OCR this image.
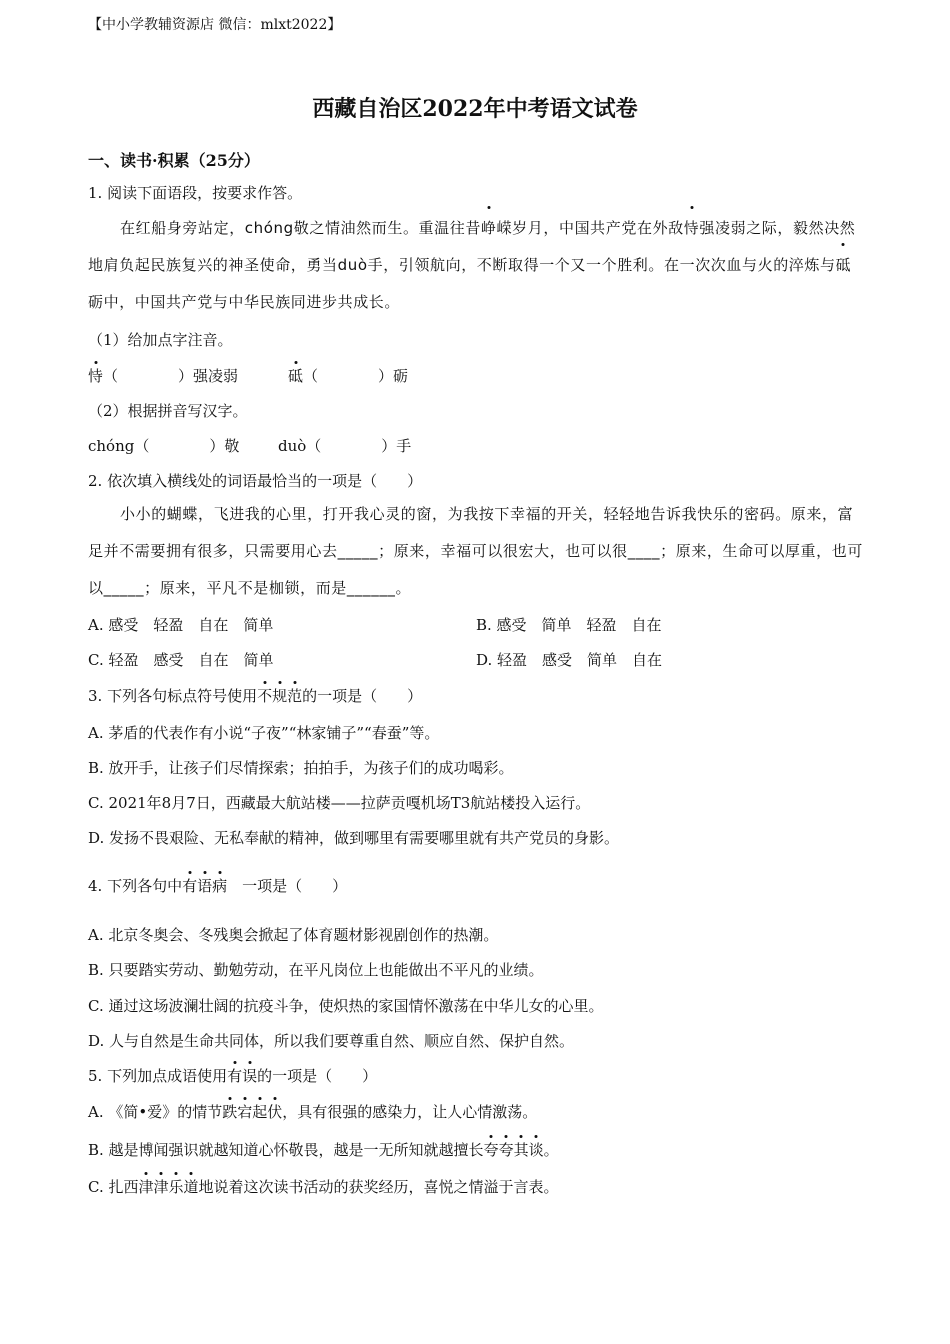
【中小学教辅资源店 微信：mlxt2022】
西藏自治区2022年中考语文试卷
一、读书·积累（25分）
1. 阅读下面语段，按要求作答。
在红船身旁站定，chóng敬之情油然而生。重温往昔峥嵘岁月，中国共产党在外敌恃强凌弱之际，毅然决然地肩负起民族复兴的神圣使命，勇当duò手，引领航向，不断取得一个又一个胜利。在一次次血与火的淬炼与砥砺中，中国共产党与中华民族同进步共成长。
（1）给加点字注音。
恃（　　　　）强凌弱	砥（　　　　）砺
（2）根据拼音写汉字。
chóng（　　　　）敬	duò（　　　　）手
2. 依次填入横线处的词语最恰当的一项是（　　）
小小的蝴蝶，飞进我的心里，打开我心灵的窗，为我按下幸福的开关，轻轻地告诉我快乐的密码。原来，富足并不需要拥有很多，只需要用心去_____；原来，幸福可以很宏大，也可以很____；原来，生命可以厚重，也可以_____；原来，平凡不是枷锁，而是______。
A. 感受　轻盈　自在　简单	B. 感受　简单　轻盈　自在
C. 轻盈　感受　自在　简单	D. 轻盈　感受　简单　自在
3. 下列各句标点符号使用不规范的一项是（　　）
A. 茅盾的代表作有小说“子夜”“林家铺子”“春蚕”等。
B. 放开手，让孩子们尽情探索；拍拍手，为孩子们的成功喝彩。
C. 2021年8月7日，西藏最大航站楼——拉萨贡嘎机场T3航站楼投入运行。
D. 发扬不畏艰险、无私奉献的精神，做到哪里有需要哪里就有共产党员的身影。
4. 下列各句中有语病　一项是（　　）
A. 北京冬奥会、冬残奥会掀起了体育题材影视剧创作的热潮。
B. 只要踏实劳动、勤勉劳动，在平凡岗位上也能做出不平凡的业绩。
C. 通过这场波澜壮阔的抗疫斗争，使炽热的家国情怀激荡在中华儿女的心里。
D. 人与自然是生命共同体，所以我们要尊重自然、顺应自然、保护自然。
5. 下列加点成语使用有误的一项是（　　）
A. 《简•爱》的情节跌宕起伏，具有很强的感染力，让人心情激荡。
B. 越是博闻强识就越知道心怀敬畏，越是一无所知就越擅长夸夸其谈。
C. 扎西津津乐道地说着这次读书活动的获奖经历，喜悦之情溢于言表。
